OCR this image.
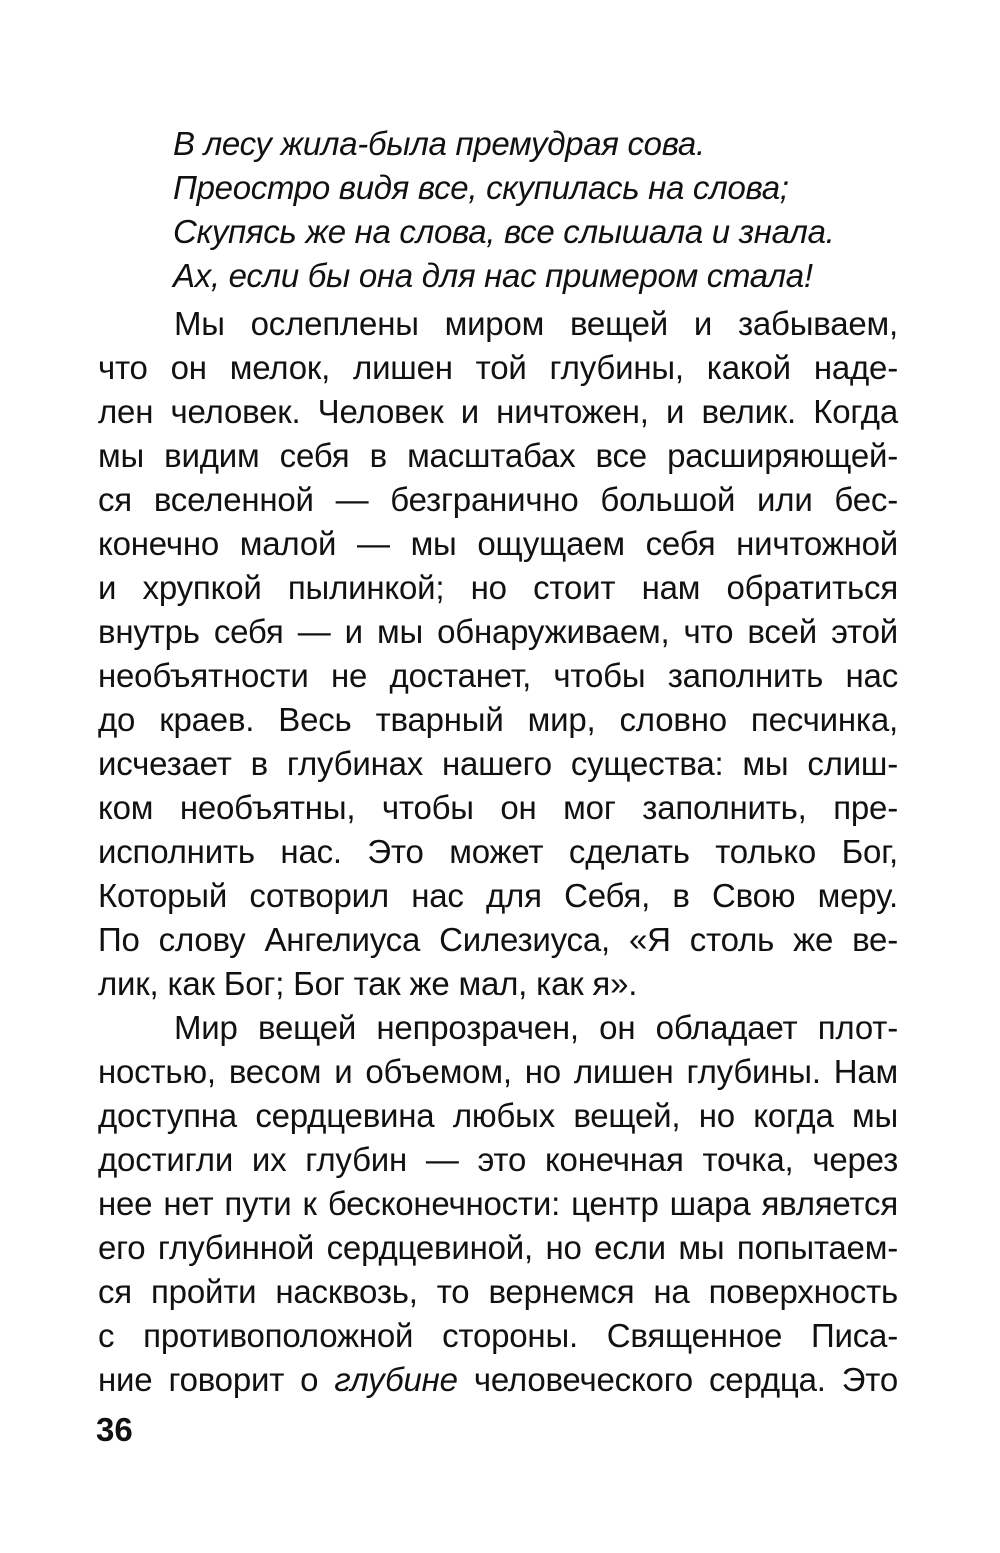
В лесу жила-была премудрая сова.
Преостро видя все, скупилась на слова;
Скупясь же на слова, все слышала и знала.
Ах, если бы она для нас примером стала!
Мы ослеплены миром вещей и забываем,
что он мелок, лишен той глубины, какой наде-
лен человек. Человек и ничтожен, и велик. Когда
мы видим себя в масштабах все расширяющей-
ся вселенной — безгранично большой или бес-
конечно малой — мы ощущаем себя ничтожной
и хрупкой пылинкой; но стоит нам обратиться
внутрь себя — и мы обнаруживаем, что всей этой
необъятности не достанет, чтобы заполнить нас
до краев. Весь тварный мир, словно песчинка,
исчезает в глубинах нашего существа: мы слиш-
ком необъятны, чтобы он мог заполнить, пре-
исполнить нас. Это может сделать только Бог,
Который сотворил нас для Себя, в Свою меру.
По слову Ангелиуса Силезиуса, «Я столь же ве-
лик, как Бог; Бог так же мал, как я».
Мир вещей непрозрачен, он обладает плот-
ностью, весом и объемом, но лишен глубины. Нам
доступна сердцевина любых вещей, но когда мы
достигли их глубин — это конечная точка, через
нее нет пути к бесконечности: центр шара является
его глубинной сердцевиной, но если мы попытаем-
ся пройти насквозь, то вернемся на поверхность
с противоположной стороны. Священное Писа-
ние говорит о глубине человеческого сердца. Это
36
